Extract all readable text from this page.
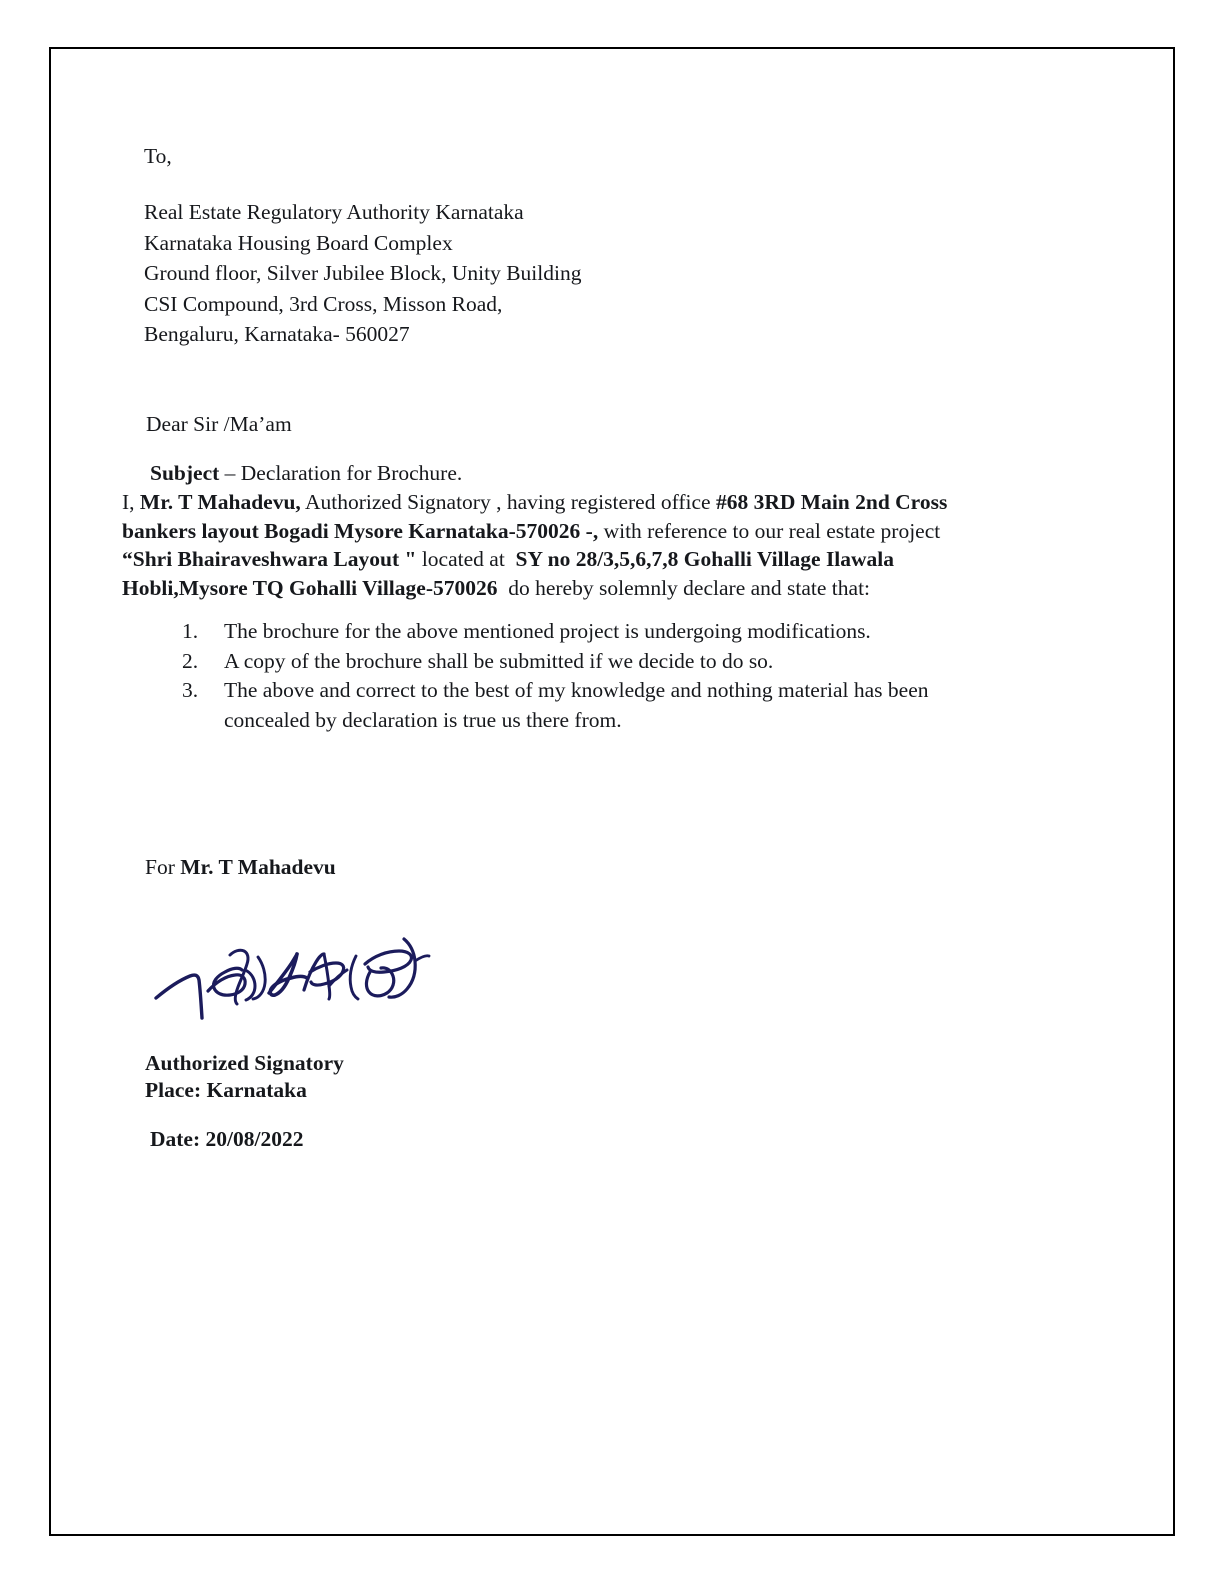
To,
Real Estate Regulatory Authority Karnataka
Karnataka Housing Board Complex
Ground floor, Silver Jubilee Block, Unity Building
CSI Compound, 3rd Cross, Misson Road,
Bengaluru, Karnataka- 560027
Dear Sir /Ma’am
Subject – Declaration for Brochure.
I, Mr. T Mahadevu, Authorized Signatory , having registered office #68 3RD Main 2nd Cross
bankers layout Bogadi Mysore Karnataka-570026 -, with reference to our real estate project
“Shri Bhairaveshwara Layout " located at  SY no 28/3,5,6,7,8 Gohalli Village Ilawala
Hobli,Mysore TQ Gohalli Village-570026  do hereby solemnly declare and state that:
1.	The brochure for the above mentioned project is undergoing modifications.
2.	A copy of the brochure shall be submitted if we decide to do so.
3.	The above and correct to the best of my knowledge and nothing material has been
concealed by declaration is true us there from.
For Mr. T Mahadevu
Authorized Signatory
Place: Karnataka
Date: 20/08/2022
